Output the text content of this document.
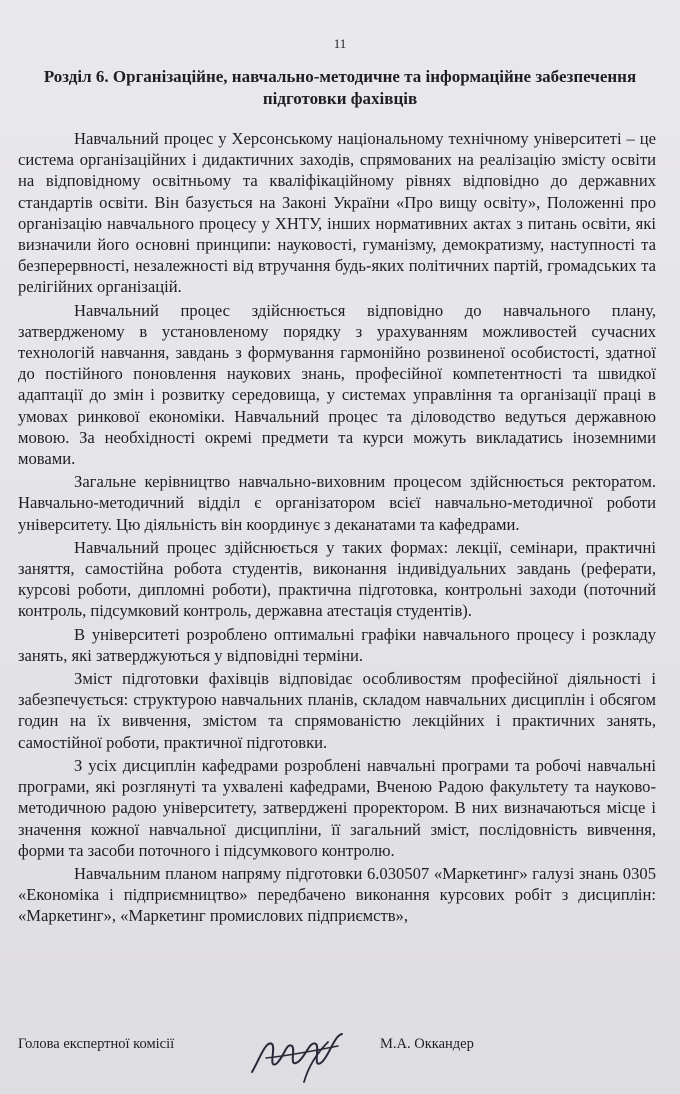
11
Розділ 6. Організаційне, навчально-методичне та інформаційне забезпечення підготовки фахівців

Навчальний процес у Херсонському національному технічному університеті – це система організаційних і дидактичних заходів, спрямованих на реалізацію змісту освіти на відповідному освітньому та кваліфікаційному рівнях відповідно до державних стандартів освіти. Він базується на Законі України «Про вищу освіту», Положенні про організацію навчального процесу у ХНТУ, інших нормативних актах з питань освіти, які визначили його основні принципи: науковості, гуманізму, демократизму, наступності та безперервності, незалежності від втручання будь-яких політичних партій, громадських та релігійних організацій.

Навчальний процес здійснюється відповідно до навчального плану, затвердженому в установленому порядку з урахуванням можливостей сучасних технологій навчання, завдань з формування гармонійно розвиненої особистості, здатної до постійного поновлення наукових знань, професійної компетентності та швидкої адаптації до змін і розвитку середовища, у системах управління та організації праці в умовах ринкової економіки. Навчальний процес та діловодство ведуться державною мовою. За необхідності окремі предмети та курси можуть викладатись іноземними мовами.

Загальне керівництво навчально-виховним процесом здійснюється ректоратом. Навчально-методичний відділ є організатором всієї навчально-методичної роботи університету. Цю діяльність він координує з деканатами та кафедрами.

Навчальний процес здійснюється у таких формах: лекції, семінари, практичні заняття, самостійна робота студентів, виконання індивідуальних завдань (реферати, курсові роботи, дипломні роботи), практична підготовка, контрольні заходи (поточний контроль, підсумковий контроль, державна атестація студентів).

В університеті розроблено оптимальні графіки навчального процесу і розкладу занять, які затверджуються у відповідні терміни.

Зміст підготовки фахівців відповідає особливостям професійної діяльності і забезпечується: структурою навчальних планів, складом навчальних дисциплін і обсягом годин на їх вивчення, змістом та спрямованістю лекційних і практичних занять, самостійної роботи, практичної підготовки.

З усіх дисциплін кафедрами розроблені навчальні програми та робочі навчальні програми, які розглянуті та ухвалені кафедрами, Вченою Радою факультету та науково-методичною радою університету, затверджені проректором. В них визначаються місце і значення кожної навчальної дисципліни, її загальний зміст, послідовність вивчення, форми та засоби поточного і підсумкового контролю.

Навчальним планом напряму підготовки 6.030507 «Маркетинг» галузі знань 0305 «Економіка і підприємництво» передбачено виконання курсових робіт з дисциплін: «Маркетинг», «Маркетинг промислових підприємств»,

Голова експертної комісії	М.А. Оккандер
